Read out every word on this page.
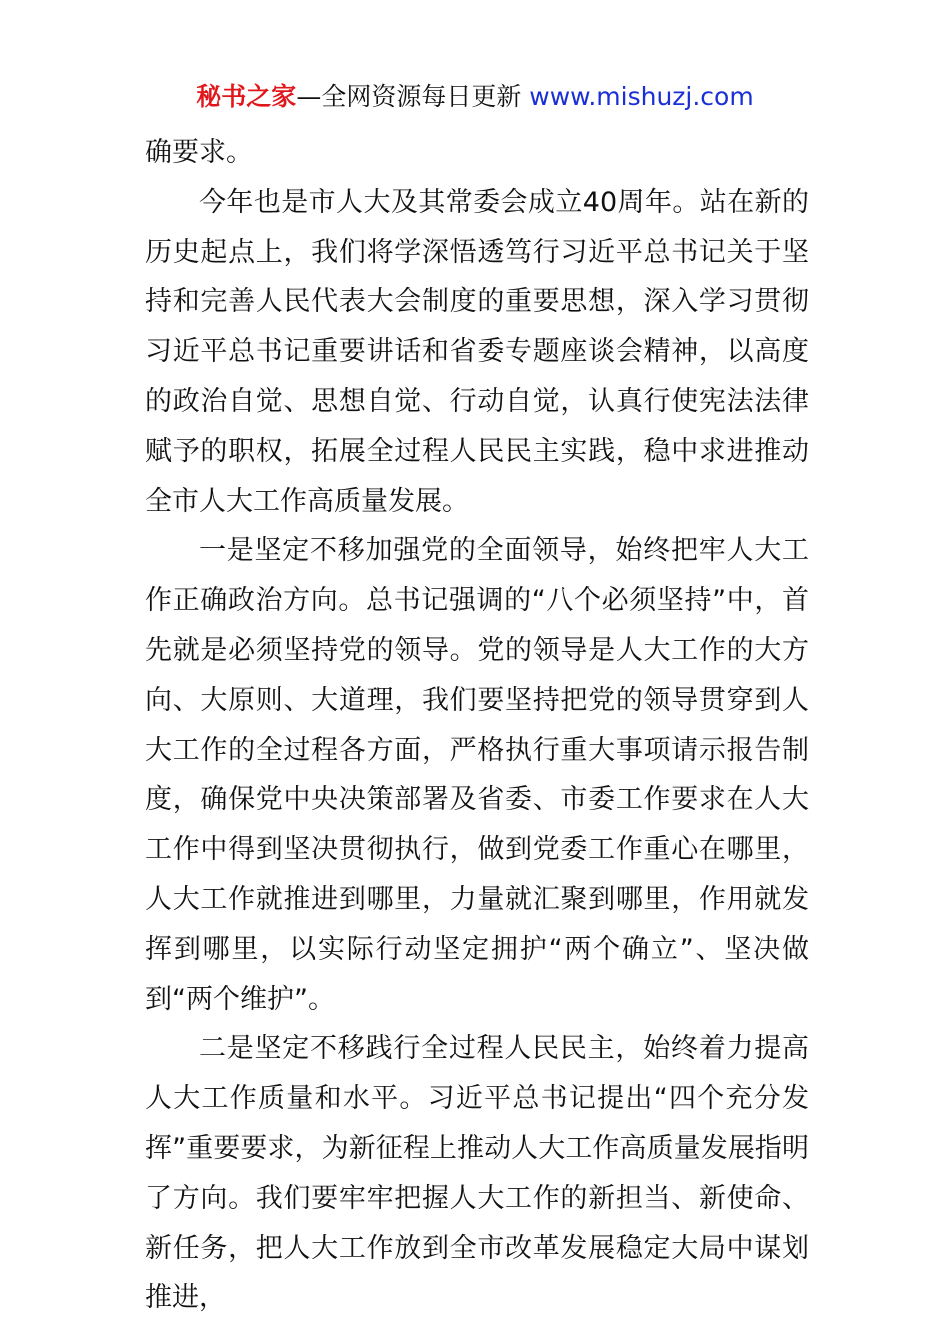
秘书之家—全网资源每日更新 www.mishuzj.com

确要求。

今年也是市人大及其常委会成立40周年。站在新的历史起点上，我们将学深悟透笃行习近平总书记关于坚持和完善人民代表大会制度的重要思想，深入学习贯彻习近平总书记重要讲话和省委专题座谈会精神，以高度的政治自觉、思想自觉、行动自觉，认真行使宪法法律赋予的职权，拓展全过程人民民主实践，稳中求进推动全市人大工作高质量发展。

一是坚定不移加强党的全面领导，始终把牢人大工作正确政治方向。总书记强调的“八个必须坚持”中，首先就是必须坚持党的领导。党的领导是人大工作的大方向、大原则、大道理，我们要坚持把党的领导贯穿到人大工作的全过程各方面，严格执行重大事项请示报告制度，确保党中央决策部署及省委、市委工作要求在人大工作中得到坚决贯彻执行，做到党委工作重心在哪里，人大工作就推进到哪里，力量就汇聚到哪里，作用就发挥到哪里，以实际行动坚定拥护“两个确立”、坚决做到“两个维护”。

二是坚定不移践行全过程人民民主，始终着力提高人大工作质量和水平。习近平总书记提出“四个充分发挥”重要要求，为新征程上推动人大工作高质量发展指明了方向。我们要牢牢把握人大工作的新担当、新使命、新任务，把人大工作放到全市改革发展稳定大局中谋划推进，
